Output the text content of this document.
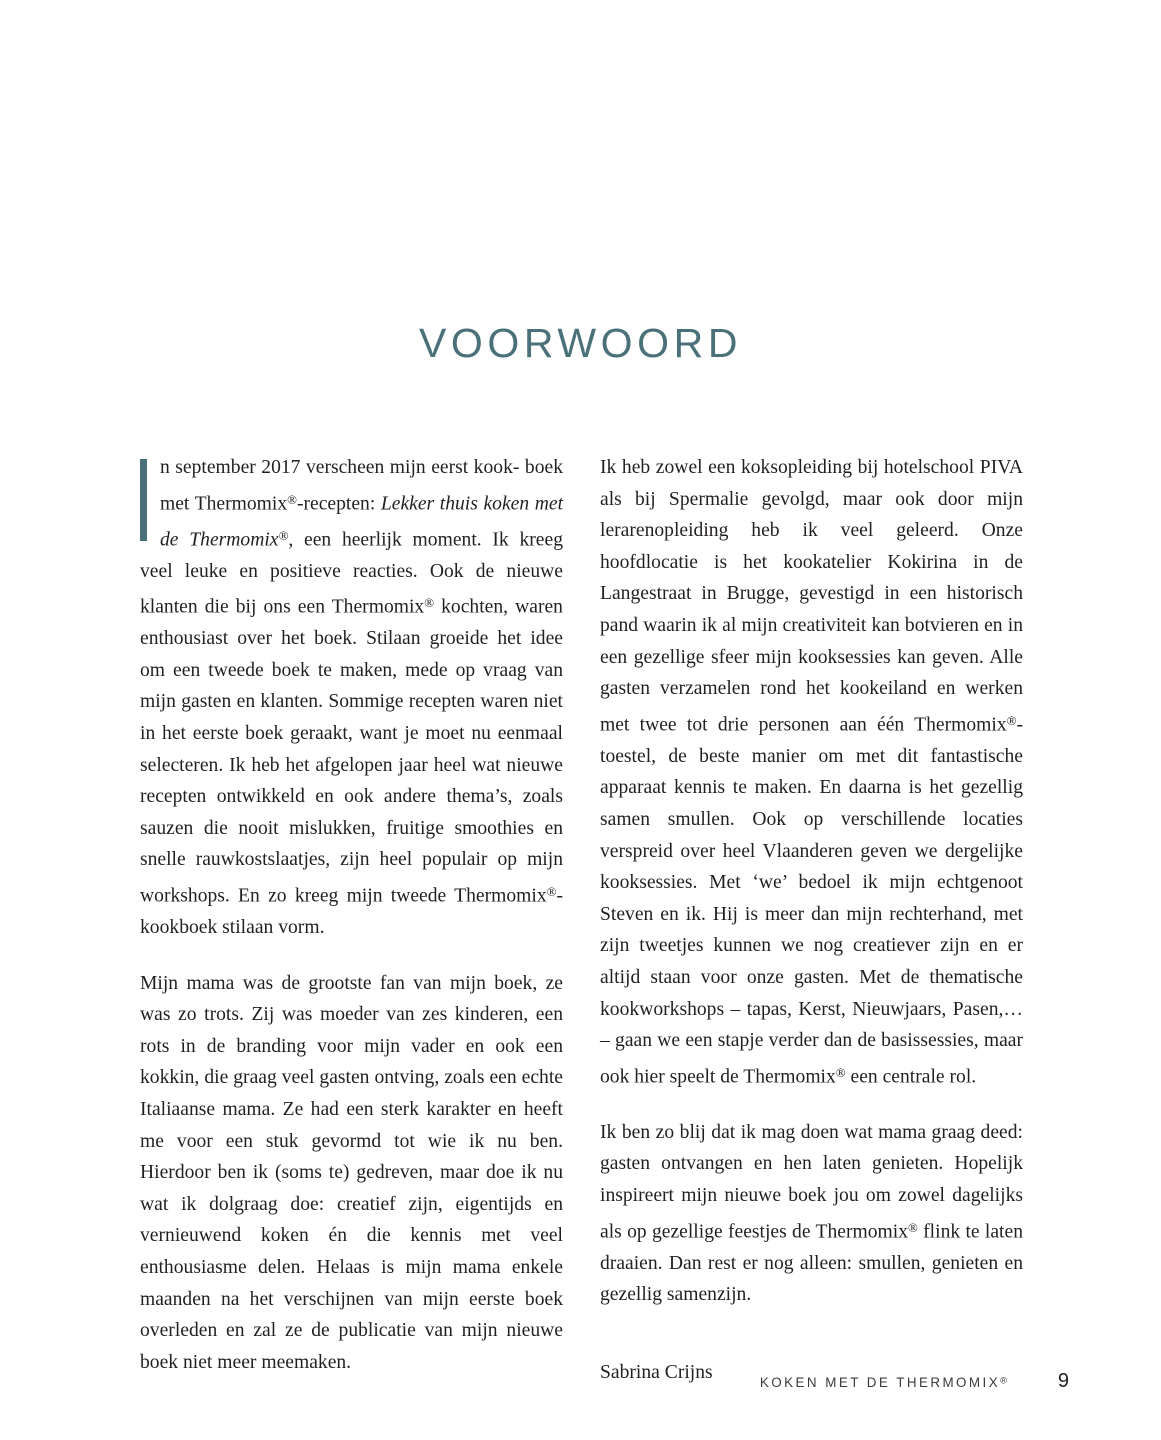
VOORWOORD

n september 2017 verscheen mijn eerst kook- boek met Thermomix®-recepten: Lekker thuis koken met de Thermomix®, een heerlijk moment. Ik kreeg veel leuke en positieve reacties. Ook de nieuwe klanten die bij ons een Thermomix® kochten, waren enthousiast over het boek. Stilaan groeide het idee om een tweede boek te maken, mede op vraag van mijn gasten en klanten. Sommige recepten waren niet in het eerste boek geraakt, want je moet nu eenmaal selecteren. Ik heb het afgelopen jaar heel wat nieuwe recepten ontwikkeld en ook andere thema’s, zoals sauzen die nooit mislukken, fruitige smoothies en snelle rauwkostslaatjes, zijn heel populair op mijn workshops. En zo kreeg mijn tweede Thermomix®-kookboek stilaan vorm.

Mijn mama was de grootste fan van mijn boek, ze was zo trots. Zij was moeder van zes kinderen, een rots in de branding voor mijn vader en ook een kokkin, die graag veel gasten ontving, zoals een echte Italiaanse mama. Ze had een sterk karakter en heeft me voor een stuk gevormd tot wie ik nu ben. Hierdoor ben ik (soms te) gedreven, maar doe ik nu wat ik dolgraag doe: creatief zijn, eigentijds en vernieuwend koken én die kennis met veel enthousiasme delen. Helaas is mijn mama enkele maanden na het verschijnen van mijn eerste boek overleden en zal ze de publicatie van mijn nieuwe boek niet meer meemaken.

Ik heb zowel een koksopleiding bij hotelschool PIVA als bij Spermalie gevolgd, maar ook door mijn lerarenopleiding heb ik veel geleerd. Onze hoofdlocatie is het kookatelier Kokirina in de Langestraat in Brugge, gevestigd in een historisch pand waarin ik al mijn creativiteit kan botvieren en in een gezellige sfeer mijn kooksessies kan geven. Alle gasten verzamelen rond het kookeiland en werken met twee tot drie personen aan één Thermomix®-toestel, de beste manier om met dit fantastische apparaat kennis te maken. En daarna is het gezellig samen smullen. Ook op verschillende locaties verspreid over heel Vlaanderen geven we dergelijke kooksessies. Met ‘we’ bedoel ik mijn echtgenoot Steven en ik. Hij is meer dan mijn rechterhand, met zijn tweetjes kunnen we nog creatiever zijn en er altijd staan voor onze gasten. Met de thematische kookworkshops – tapas, Kerst, Nieuwjaars, Pasen,… – gaan we een stapje verder dan de basissessies, maar ook hier speelt de Thermomix® een centrale rol.

Ik ben zo blij dat ik mag doen wat mama graag deed: gasten ontvangen en hen laten genieten. Hopelijk inspireert mijn nieuwe boek jou om zowel dagelijks als op gezellige feestjes de Thermomix® flink te laten draaien. Dan rest er nog alleen: smullen, genieten en gezellig samenzijn.

Sabrina Crijns	KOKEN MET DE THERMOMIX®	9
